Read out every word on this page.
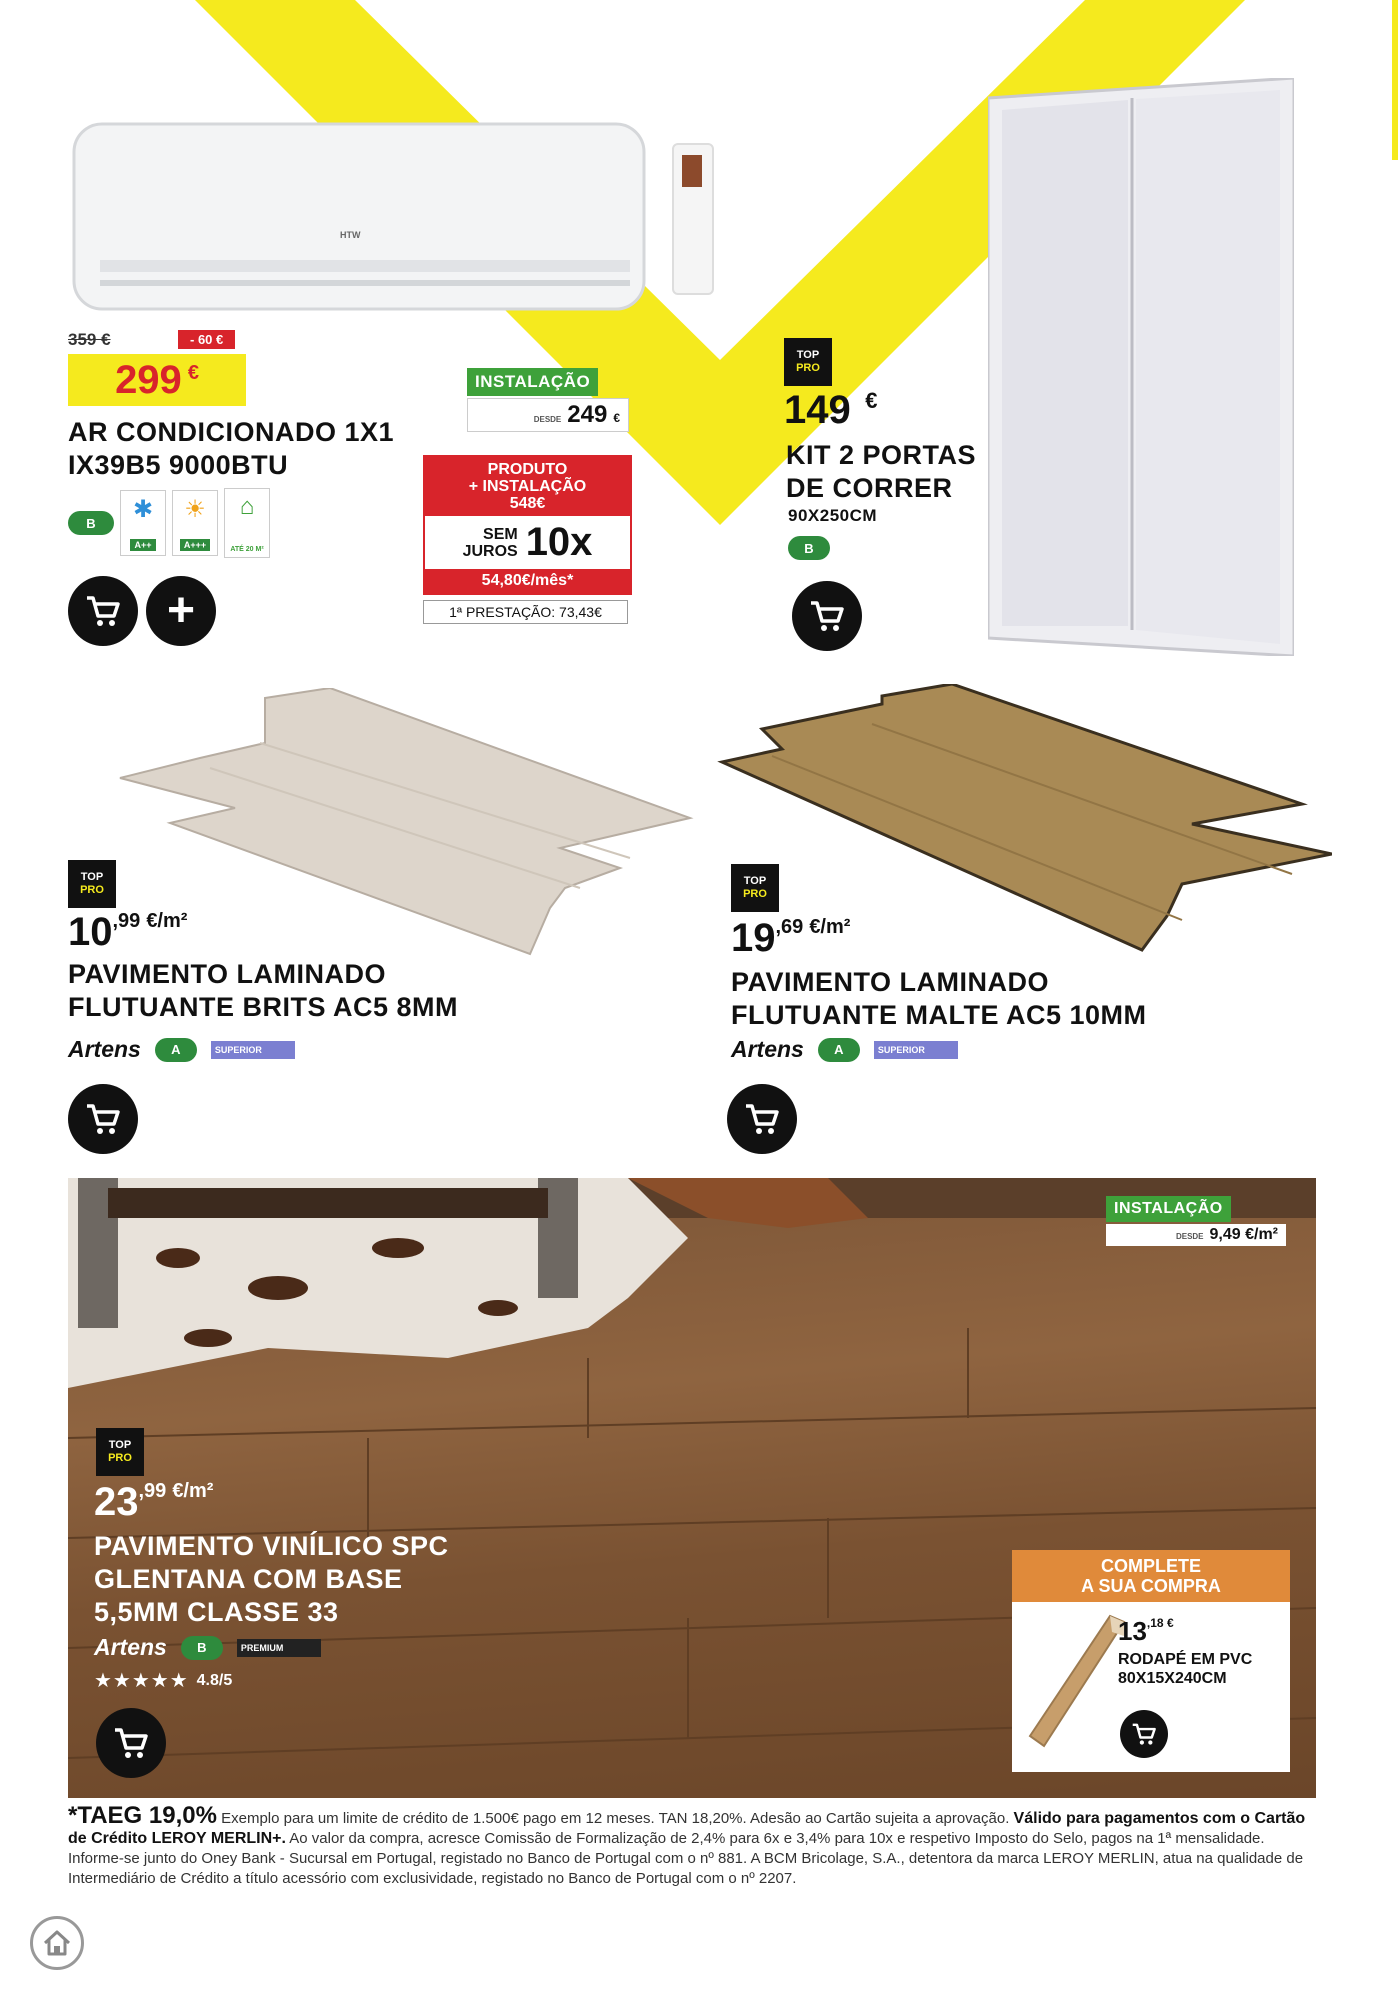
HTW
359 €	- 60 €
299 €
AR CONDICIONADO 1X1
IX39B5 9000BTU
B	✱
A++
☀
A+++
⌂
ATÉ 20 M²
+
INSTALAÇÃO
DESDE 249 €
PRODUTO
+ INSTALAÇÃO
548€
SEM
JUROS 10x
54,80€/mês*
1ª PRESTAÇÃO: 73,43€
TOP
PRO
149 €
KIT 2 PORTAS
DE CORRER
90X250CM
B
TOP
PRO
10 ,99 €/m²
PAVIMENTO LAMINADO
FLUTUANTE BRITS AC5 8MM
Artens	A	SUPERIOR
TOP
PRO
19 ,69 €/m²
PAVIMENTO LAMINADO
FLUTUANTE MALTE AC5 10MM
Artens	A	SUPERIOR
TOP
PRO
23 ,99 €/m²
PAVIMENTO VINÍLICO SPC
GLENTANA COM BASE
5,5MM CLASSE 33
Artens	B	PREMIUM
★★★★★ 4.8/5
INSTALAÇÃO
DESDE 9,49 €/m²
COMPLETE
A SUA COMPRA
13 ,18 €
RODAPÉ EM PVC
80X15X240CM
*TAEG 19,0% Exemplo para um limite de crédito de 1.500€ pago em 12 meses. TAN 18,20%. Adesão ao Cartão sujeita a aprovação. Válido para pagamentos com o Cartão de Crédito LEROY MERLIN+. Ao valor da compra, acresce Comissão de Formalização de 2,4% para 6x e 3,4% para 10x e respetivo Imposto do Selo, pagos na 1ª mensalidade. Informe-se junto do Oney Bank - Sucursal em Portugal, registado no Banco de Portugal com o nº 881. A BCM Bricolage, S.A., detentora da marca LEROY MERLIN, atua na qualidade de Intermediário de Crédito a título acessório com exclusividade, registado no Banco de Portugal com o nº 2207.
